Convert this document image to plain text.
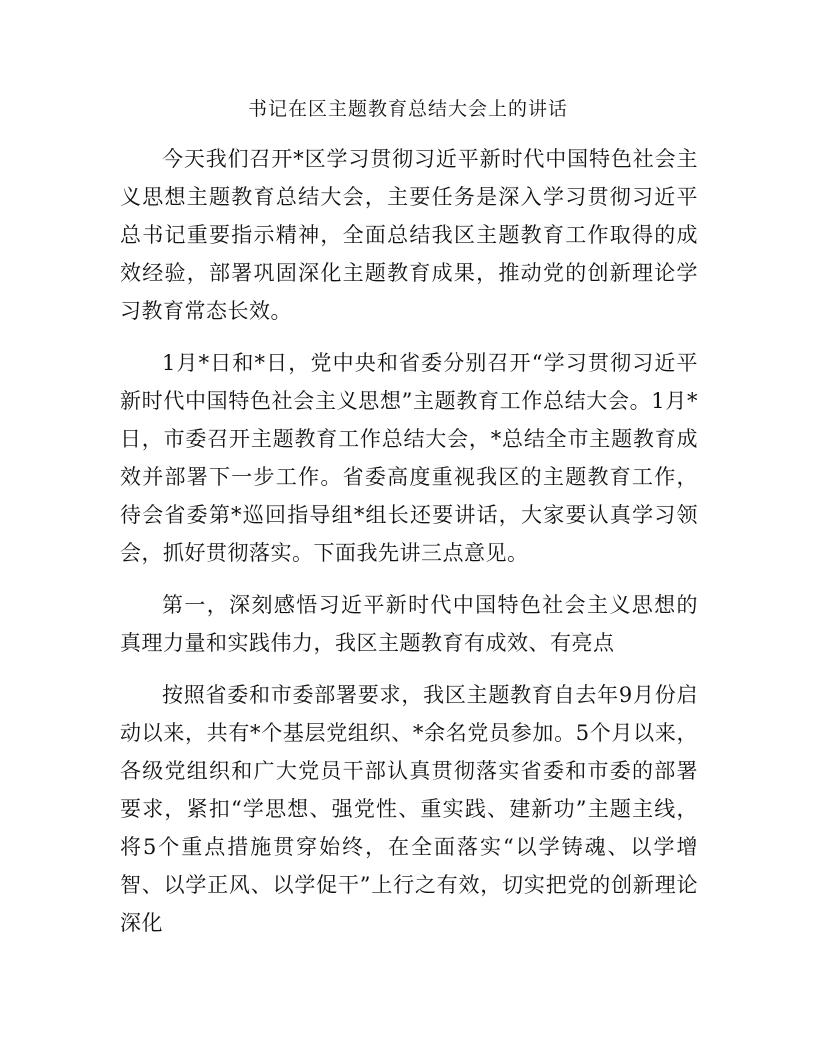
书记在区主题教育总结大会上的讲话

今天我们召开*区学习贯彻习近平新时代中国特色社会主义思想主题教育总结大会，主要任务是深入学习贯彻习近平总书记重要指示精神，全面总结我区主题教育工作取得的成效经验，部署巩固深化主题教育成果，推动党的创新理论学习教育常态长效。

1月*日和*日，党中央和省委分别召开“学习贯彻习近平新时代中国特色社会主义思想”主题教育工作总结大会。1月*日，市委召开主题教育工作总结大会，*总结全市主题教育成效并部署下一步工作。省委高度重视我区的主题教育工作，待会省委第*巡回指导组*组长还要讲话，大家要认真学习领会，抓好贯彻落实。下面我先讲三点意见。

第一，深刻感悟习近平新时代中国特色社会主义思想的真理力量和实践伟力，我区主题教育有成效、有亮点

按照省委和市委部署要求，我区主题教育自去年9月份启动以来，共有*个基层党组织、*余名党员参加。5个月以来，各级党组织和广大党员干部认真贯彻落实省委和市委的部署要求，紧扣“学思想、强党性、重实践、建新功”主题主线，将5个重点措施贯穿始终，在全面落实“以学铸魂、以学增智、以学正风、以学促干”上行之有效，切实把党的创新理论深化
